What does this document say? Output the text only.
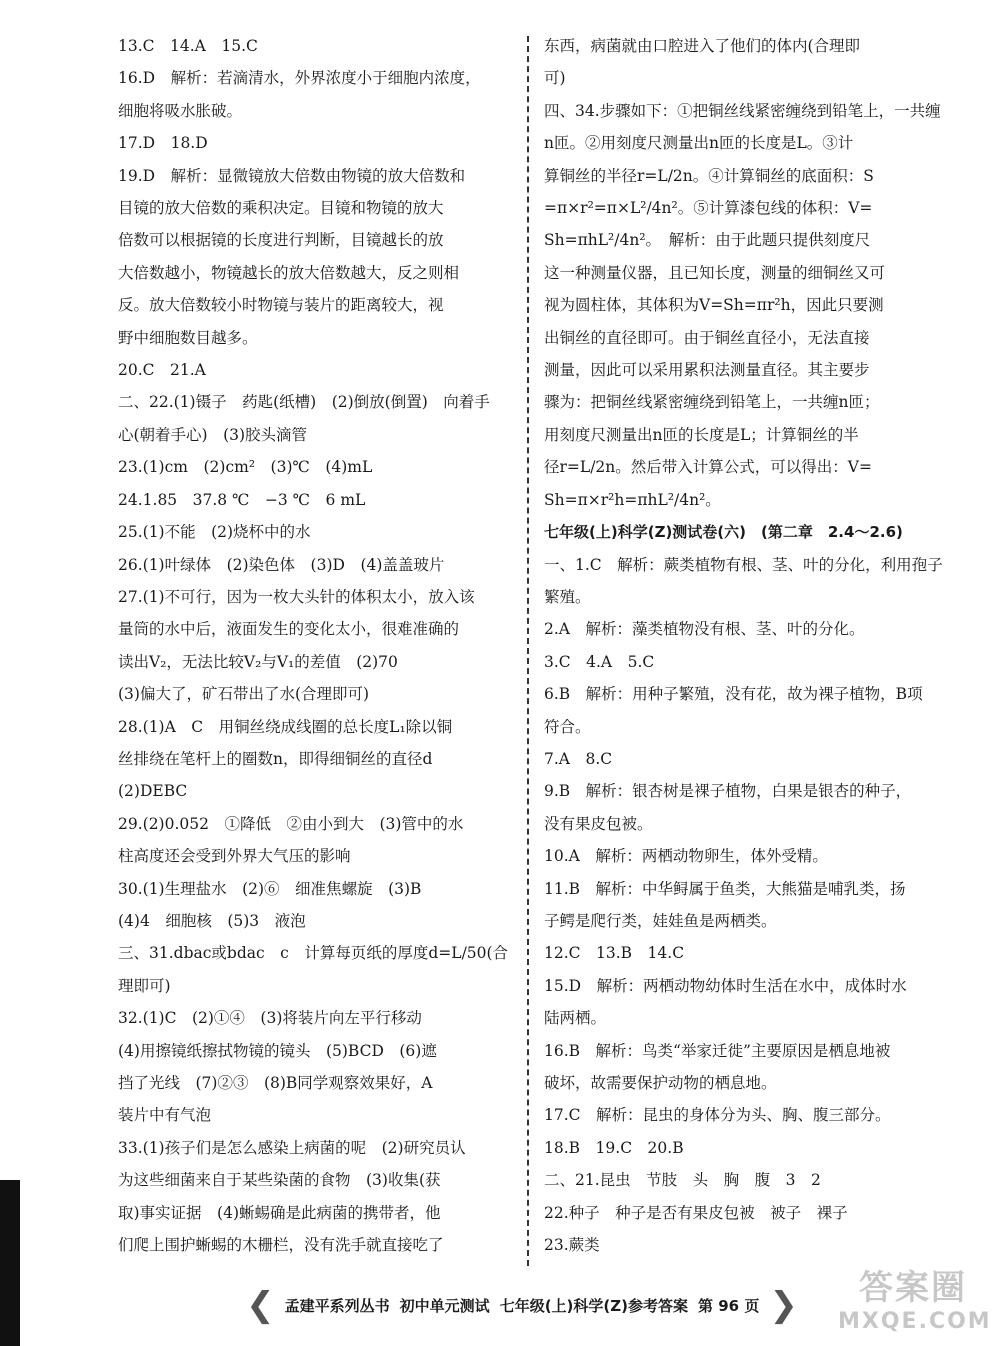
13.C　14.A　15.C
16.D　解析：若滴清水，外界浓度小于细胞内浓度，
细胞将吸水胀破。
17.D　18.D
19.D　解析：显微镜放大倍数由物镜的放大倍数和
目镜的放大倍数的乘积决定。目镜和物镜的放大
倍数可以根据镜的长度进行判断，目镜越长的放
大倍数越小，物镜越长的放大倍数越大，反之则相
反。放大倍数较小时物镜与装片的距离较大，视
野中细胞数目越多。
20.C　21.A
二、22.(1)镊子　药匙(纸槽)　(2)倒放(倒置)　向着手
心(朝着手心)　(3)胶头滴管
23.(1)cm　(2)cm²　(3)℃　(4)mL
24.1.85　37.8 ℃　−3 ℃　6 mL
25.(1)不能　(2)烧杯中的水
26.(1)叶绿体　(2)染色体　(3)D　(4)盖盖玻片
27.(1)不可行，因为一枚大头针的体积太小，放入该
量筒的水中后，液面发生的变化太小，很难准确的
读出V₂，无法比较V₂与V₁的差值　(2)70
(3)偏大了，矿石带出了水(合理即可)
28.(1)A　C　用铜丝绕成线圈的总长度L₁除以铜
丝排绕在笔杆上的圈数n，即得细铜丝的直径d
(2)DEBC
29.(2)0.052　①降低　②由小到大　(3)管中的水
柱高度还会受到外界大气压的影响
30.(1)生理盐水　(2)⑥　细准焦螺旋　(3)B
(4)4　细胞核　(5)3　液泡
三、31.dbac或bdac　c　计算每页纸的厚度d=L/50(合
理即可)
32.(1)C　(2)①④　(3)将装片向左平行移动
(4)用擦镜纸擦拭物镜的镜头　(5)BCD　(6)遮
挡了光线　(7)②③　(8)B同学观察效果好，A
装片中有气泡
33.(1)孩子们是怎么感染上病菌的呢　(2)研究员认
为这些细菌来自于某些染菌的食物　(3)收集(获
取)事实证据　(4)蜥蜴确是此病菌的携带者，他
们爬上围护蜥蜴的木栅栏，没有洗手就直接吃了
东西，病菌就由口腔进入了他们的体内(合理即
可)
四、34.步骤如下：①把铜丝线紧密缠绕到铅笔上，一共缠
n匝。②用刻度尺测量出n匝的长度是L。③计
算铜丝的半径r=L/2n。④计算铜丝的底面积：S
=π×r²=π×L²/4n²。⑤计算漆包线的体积：V=
Sh=πhL²/4n²。　解析：由于此题只提供刻度尺
这一种测量仪器，且已知长度，测量的细铜丝又可
视为圆柱体，其体积为V=Sh=πr²h，因此只要测
出铜丝的直径即可。由于铜丝直径小，无法直接
测量，因此可以采用累积法测量直径。其主要步
骤为：把铜丝线紧密缠绕到铅笔上，一共缠n匝；
用刻度尺测量出n匝的长度是L；计算铜丝的半
径r=L/2n。然后带入计算公式，可以得出：V=
Sh=π×r²h=πhL²/4n²。
七年级(上)科学(Z)测试卷(六)　(第二章　2.4～2.6)
一、1.C　解析：蕨类植物有根、茎、叶的分化，利用孢子
繁殖。
2.A　解析：藻类植物没有根、茎、叶的分化。
3.C　4.A　5.C
6.B　解析：用种子繁殖，没有花，故为裸子植物，B项
符合。
7.A　8.C
9.B　解析：银杏树是裸子植物，白果是银杏的种子，
没有果皮包被。
10.A　解析：两栖动物卵生，体外受精。
11.B　解析：中华鲟属于鱼类，大熊猫是哺乳类，扬
子鳄是爬行类，娃娃鱼是两栖类。
12.C　13.B　14.C
15.D　解析：两栖动物幼体时生活在水中，成体时水
陆两栖。
16.B　解析：鸟类“举家迁徙”主要原因是栖息地被
破坏，故需要保护动物的栖息地。
17.C　解析：昆虫的身体分为头、胸、腹三部分。
18.B　19.C　20.B
二、21.昆虫　节肢　头　胸　腹　3　2
22.种子　种子是否有果皮包被　被子　裸子
23.蕨类
❮ 孟建平系列丛书 初中单元测试 七年级(上)科学(Z)参考答案 第 96 页 ❯	答案圈
MXQE.COM
